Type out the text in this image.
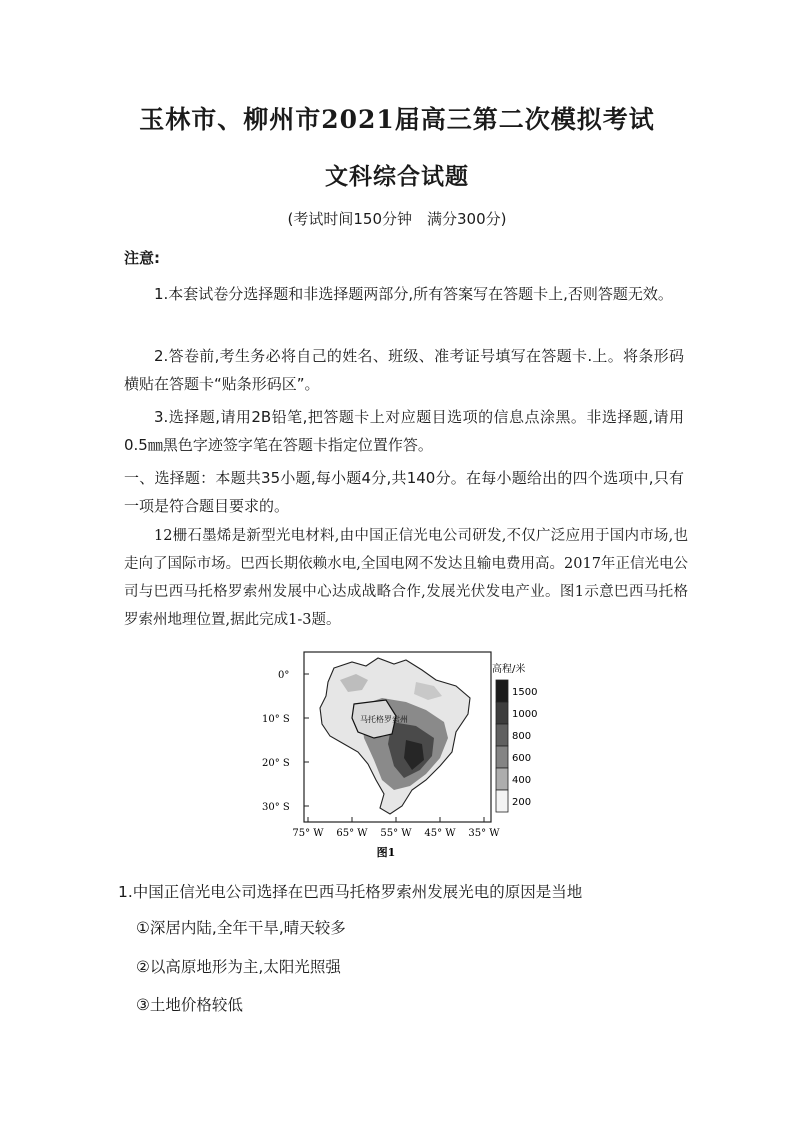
玉林市、柳州市2021届高三第二次模拟考试
文科综合试题
(考试时间150分钟　满分300分)
注意:
1.本套试卷分选择题和非选择题两部分,所有答案写在答题卡上,否则答题无效。
2.答卷前,考生务必将自己的姓名、班级、准考证号填写在答题卡.上。将条形码横贴在答题卡“贴条形码区”。
3.选择题,请用2B铅笔,把答题卡上对应题目选项的信息点涂黑。非选择题,请用0.5㎜黑色字迹签字笔在答题卡指定位置作答。
一、选择题：本题共35小题,每小题4分,共140分。在每小题给出的四个选项中,只有一项是符合题目要求的。
12栅石墨烯是新型光电材料,由中国正信光电公司研发,不仅广泛应用于国内市场,也走向了国际市场。巴西长期依赖水电,全国电网不发达且输电费用高。2017年正信光电公司与巴西马托格罗索州发展中心达成战略合作,发展光伏发电产业。图1示意巴西马托格罗索州地理位置,据此完成1-3题。
马托格罗索州
0°
10° S
20° S
30° S
75° W 65° W 55° W 45° W 35° W
高程/米
1500
1000
800
600
400
200
图1
1.中国正信光电公司选择在巴西马托格罗索州发展光电的原因是当地
①深居内陆,全年干旱,晴天较多
②以高原地形为主,太阳光照强
③土地价格较低
